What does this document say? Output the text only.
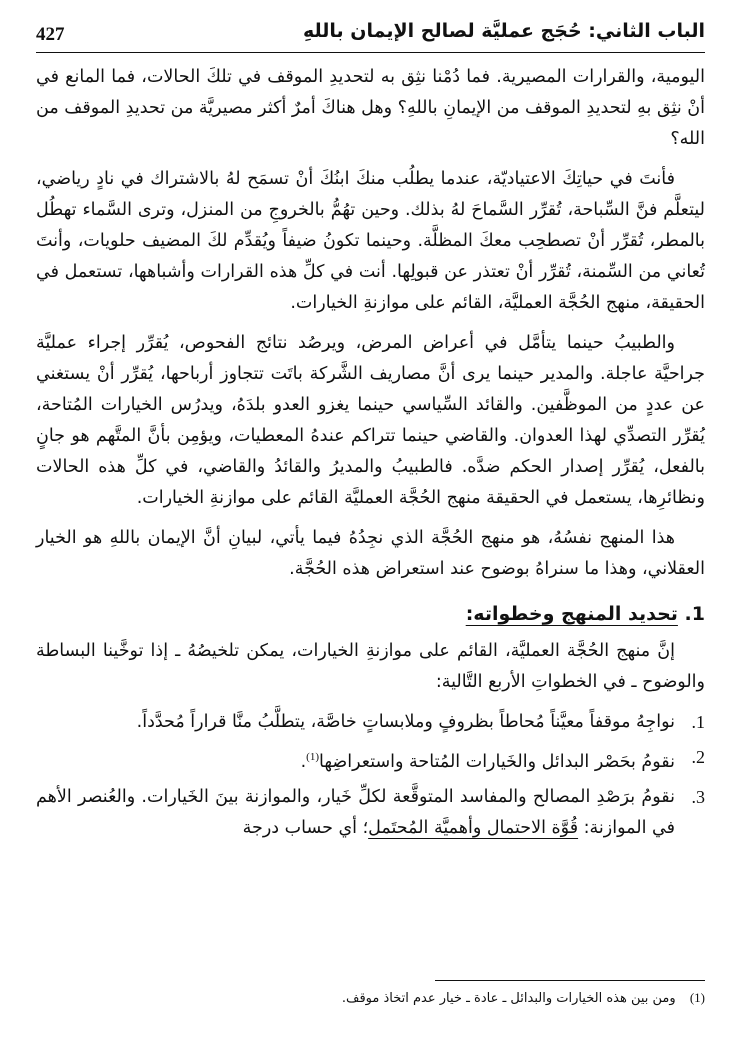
الباب الثاني: حُجَج عمليَّة لصالح الإيمان باللهِ
427

اليومية، والقرارات المصيرية. فما دُمْنا نثِق به لتحديدِ الموقف في تلكَ الحالات، فما المانع في أنْ نثِق بهِ لتحديدِ الموقف من الإيمانِ باللهِ؟ وهل هناكَ أمرٌ أكثر مصيريَّة من تحديدِ الموقف من الله؟

فأنتَ في حياتِكَ الاعتياديّة، عندما يطلُب منكَ ابنُكَ أنْ تسمَح لهُ بالاشتراك في نادٍ رياضي، ليتعلَّم فنَّ السِّباحة، تُقرِّر السَّماحَ لهُ بذلك. وحين تهُمُّ بالخروجِ من المنزل، وترى السَّماء تهطُل بالمطر، تُقرِّر أنْ تصطحِب معكَ المظلَّة. وحينما تكونُ ضيفاً ويُقدِّم لكَ المضيف حلويات، وأنتَ تُعاني من السِّمنة، تُقرِّر أنْ تعتذر عن قبولِها. أنت في كلِّ هذه القرارات وأشباهها، تستعمل في الحقيقة، منهج الحُجَّة العمليَّة، القائم على موازنةِ الخيارات.

والطبيبُ حينما يتأمَّل في أعراض المرض، ويرصُد نتائج الفحوص، يُقرِّر إجراء عمليَّة جراحيَّة عاجلة. والمدير حينما يرى أنَّ مصاريف الشَّركة باتَت تتجاوز أرباحها، يُقرِّر أنْ يستغني عن عددٍ من الموظَّفين. والقائد السِّياسي حينما يغزو العدو بلدَهُ، ويدرُس الخيارات المُتاحة، يُقرِّر التصدِّي لهذا العدوان. والقاضي حينما تتراكم عندهُ المعطيات، ويؤمِن بأنَّ المتَّهم هو جانٍ بالفعل، يُقرِّر إصدار الحكم ضدَّه. فالطبيبُ والمديرُ والقائدُ والقاضي، في كلِّ هذه الحالات ونظائرِها، يستعمل في الحقيقة منهج الحُجَّة العمليَّة القائم على موازنةِ الخيارات.

هذا المنهج نفسُهُ، هو منهج الحُجَّة الذي نجِدُهُ فيما يأتي، لبيانِ أنَّ الإيمان باللهِ هو الخيار العقلاني، وهذا ما سنراهُ بوضوح عند استعراض هذه الحُجَّة.

1. تحديد المنهج وخطواته:

إنَّ منهج الحُجَّة العمليَّة، القائم على موازنةِ الخيارات، يمكن تلخيصُهُ ـ إذا توخَّينا البساطة والوضوح ـ في الخطواتِ الأربع التَّالية:

1.
نواجِهُ موقفاً معيَّناً مُحاطاً بظروفٍ وملابساتٍ خاصَّة، يتطلَّبُ منَّا قراراً مُحدَّداً.
2.
نقومُ بحَصْر البدائل والخَيارات المُتاحة واستعراضِها$^{(1)}$.
3.
نقومُ برَصْدِ المصالح والمفاسد المتوقَّعة لكلِّ خَيار، والموازنة بينَ الخَيارات. والعُنصر الأهم في الموازنة: قُوَّة الاحتمال وأهميَّة المُحتَمل؛ أي حساب درجة
(1) ومن بين هذه الخيارات والبدائل ـ عادة ـ خيار عدم اتخاذ موقف.
